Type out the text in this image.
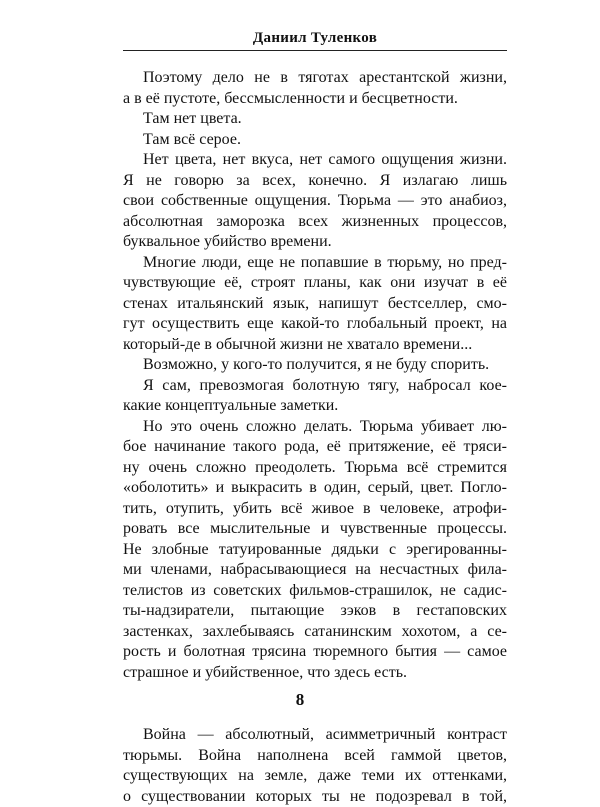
Даниил Туленков
Поэтому дело не в тяготах арестантской жизни,
а в её пустоте, бессмысленности и бесцветности.
Там нет цвета.
Там всё серое.
Нет цвета, нет вкуса, нет самого ощущения жизни.
Я не говорю за всех, конечно. Я излагаю лишь
свои собственные ощущения. Тюрьма — это анабиоз,
абсолютная заморозка всех жизненных процессов,
буквальное убийство времени.
Многие люди, еще не попавшие в тюрьму, но пред-
чувствующие её, строят планы, как они изучат в её
стенах итальянский язык, напишут бестселлер, смо-
гут осуществить еще какой-то глобальный проект, на
который-де в обычной жизни не хватало времени...
Возможно, у кого-то получится, я не буду спорить.
Я сам, превозмогая болотную тягу, набросал кое-
какие концептуальные заметки.
Но это очень сложно делать. Тюрьма убивает лю-
бое начинание такого рода, её притяжение, её тряси-
ну очень сложно преодолеть. Тюрьма всё стремится
«оболотить» и выкрасить в один, серый, цвет. Погло-
тить, отупить, убить всё живое в человеке, атрофи-
ровать все мыслительные и чувственные процессы.
Не злобные татуированные дядьки с эрегированны-
ми членами, набрасывающиеся на несчастных фила-
телистов из советских фильмов-страшилок, не садис-
ты-надзиратели, пытающие зэков в гестаповских
застенках, захлебываясь сатанинским хохотом, а се-
рость и болотная трясина тюремного бытия — самое
страшное и убийственное, что здесь есть.
Война — абсолютный, асимметричный контраст
тюрьмы. Война наполнена всей гаммой цветов,
существующих на земле, даже теми их оттенками,
о существовании которых ты не подозревал в той,
8
